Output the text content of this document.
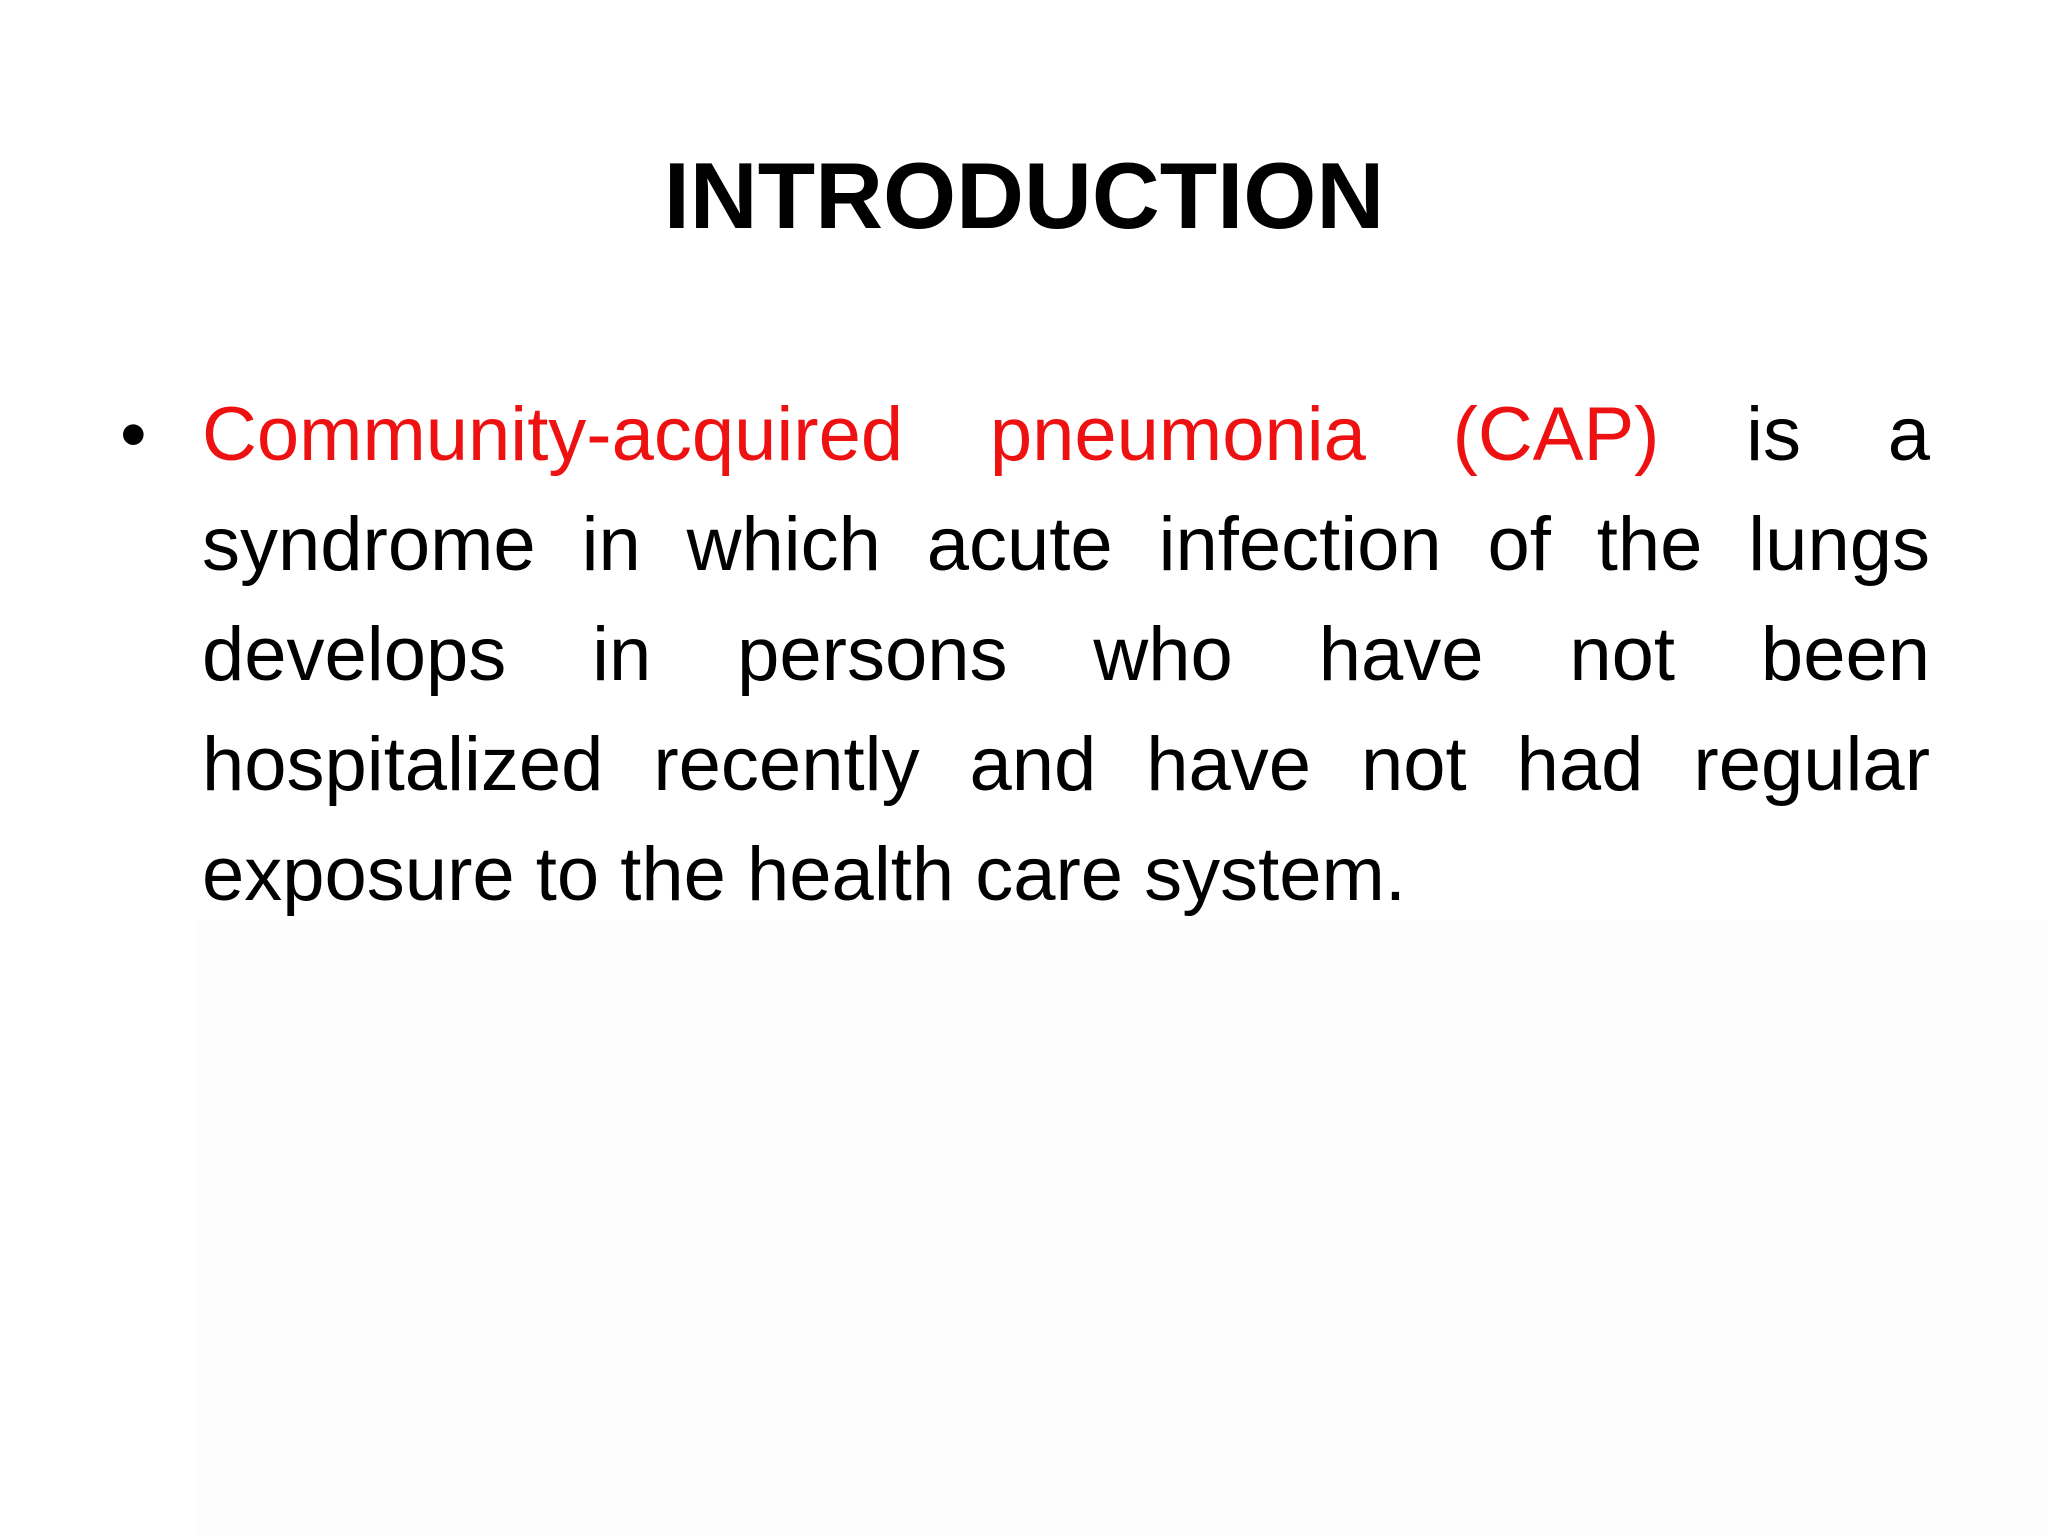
INTRODUCTION
• Community-acquired pneumonia (CAP) is a syndrome in which acute infection of the lungs develops in persons who have not been hospitalized recently and have not had regular exposure to the health care system.
